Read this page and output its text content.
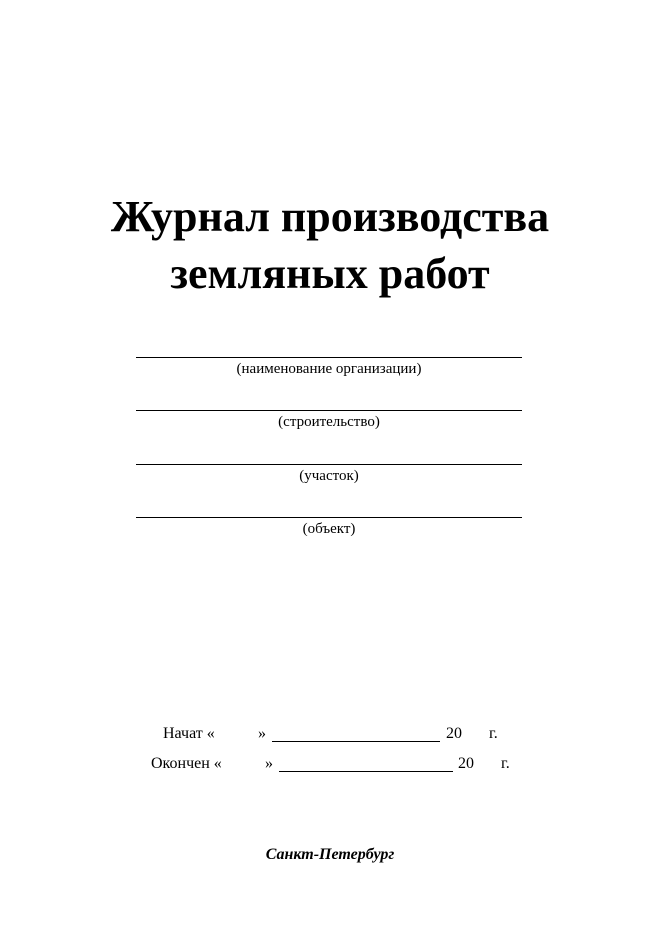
Журнал производства
земляных работ
(наименование организации)
(строительство)
(участок)
(объект)
Начат «	»	20 г.
Окончен «	»	20 г.
Санкт-Петербург
